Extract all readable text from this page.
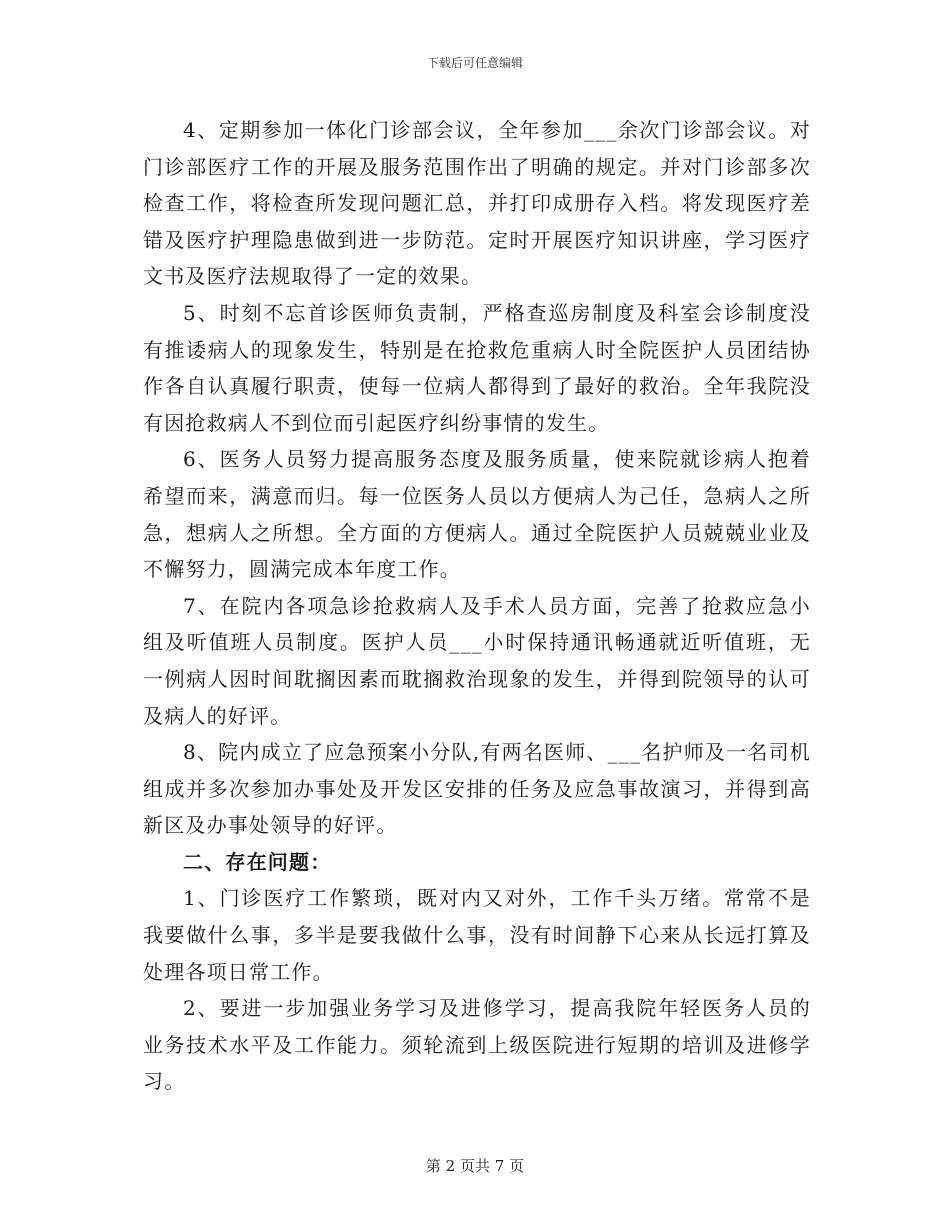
下载后可任意编辑

4、定期参加一体化门诊部会议，全年参加___余次门诊部会议。对门诊部医疗工作的开展及服务范围作出了明确的规定。并对门诊部多次检查工作，将检查所发现问题汇总，并打印成册存入档。将发现医疗差错及医疗护理隐患做到进一步防范。定时开展医疗知识讲座，学习医疗文书及医疗法规取得了一定的效果。

5、时刻不忘首诊医师负责制，严格查巡房制度及科室会诊制度没有推诿病人的现象发生，特别是在抢救危重病人时全院医护人员团结协作各自认真履行职责，使每一位病人都得到了最好的救治。全年我院没有因抢救病人不到位而引起医疗纠纷事情的发生。

6、医务人员努力提高服务态度及服务质量，使来院就诊病人抱着希望而来，满意而归。每一位医务人员以方便病人为己任，急病人之所急，想病人之所想。全方面的方便病人。通过全院医护人员兢兢业业及不懈努力，圆满完成本年度工作。

7、在院内各项急诊抢救病人及手术人员方面，完善了抢救应急小组及听值班人员制度。医护人员___小时保持通讯畅通就近听值班，无一例病人因时间耽搁因素而耽搁救治现象的发生，并得到院领导的认可及病人的好评。

8、院内成立了应急预案小分队,有两名医师、___名护师及一名司机组成并多次参加办事处及开发区安排的任务及应急事故演习，并得到高新区及办事处领导的好评。

二、存在问题：

1、门诊医疗工作繁琐，既对内又对外，工作千头万绪。常常不是我要做什么事，多半是要我做什么事，没有时间静下心来从长远打算及处理各项日常工作。

2、要进一步加强业务学习及进修学习，提高我院年轻医务人员的业务技术水平及工作能力。须轮流到上级医院进行短期的培训及进修学习。

第 2 页共 7 页
